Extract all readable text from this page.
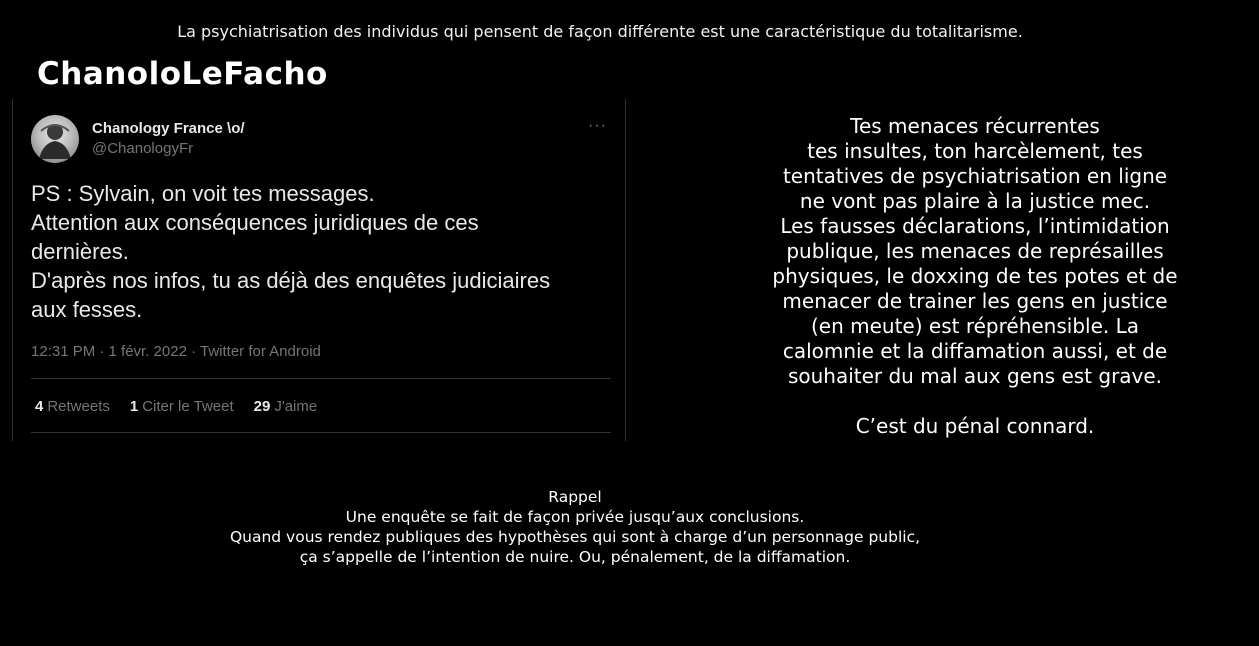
La psychiatrisation des individus qui pensent de façon différente est une caractéristique du totalitarisme.
ChanoloLeFacho
Chanology France \o/
@ChanologyFr
···
PS : Sylvain, on voit tes messages.
Attention aux conséquences juridiques de ces
dernières.
D'après nos infos, tu as déjà des enquêtes judiciaires
aux fesses.
12:31 PM · 1 févr. 2022 · Twitter for Android
4 Retweets 1 Citer le Tweet 29 J'aime
Tes menaces récurrentes
tes insultes, ton harcèlement, tes
tentatives de psychiatrisation en ligne
ne vont pas plaire à la justice mec.
Les fausses déclarations, l’intimidation
publique, les menaces de représailles
physiques, le doxxing de tes potes et de
menacer de trainer les gens en justice
(en meute) est répréhensible. La
calomnie et la diffamation aussi, et de
souhaiter du mal aux gens est grave.
C’est du pénal connard.
Rappel
Une enquête se fait de façon privée jusqu’aux conclusions.
Quand vous rendez publiques des hypothèses qui sont à charge d’un personnage public,
ça s’appelle de l’intention de nuire. Ou, pénalement, de la diffamation.
